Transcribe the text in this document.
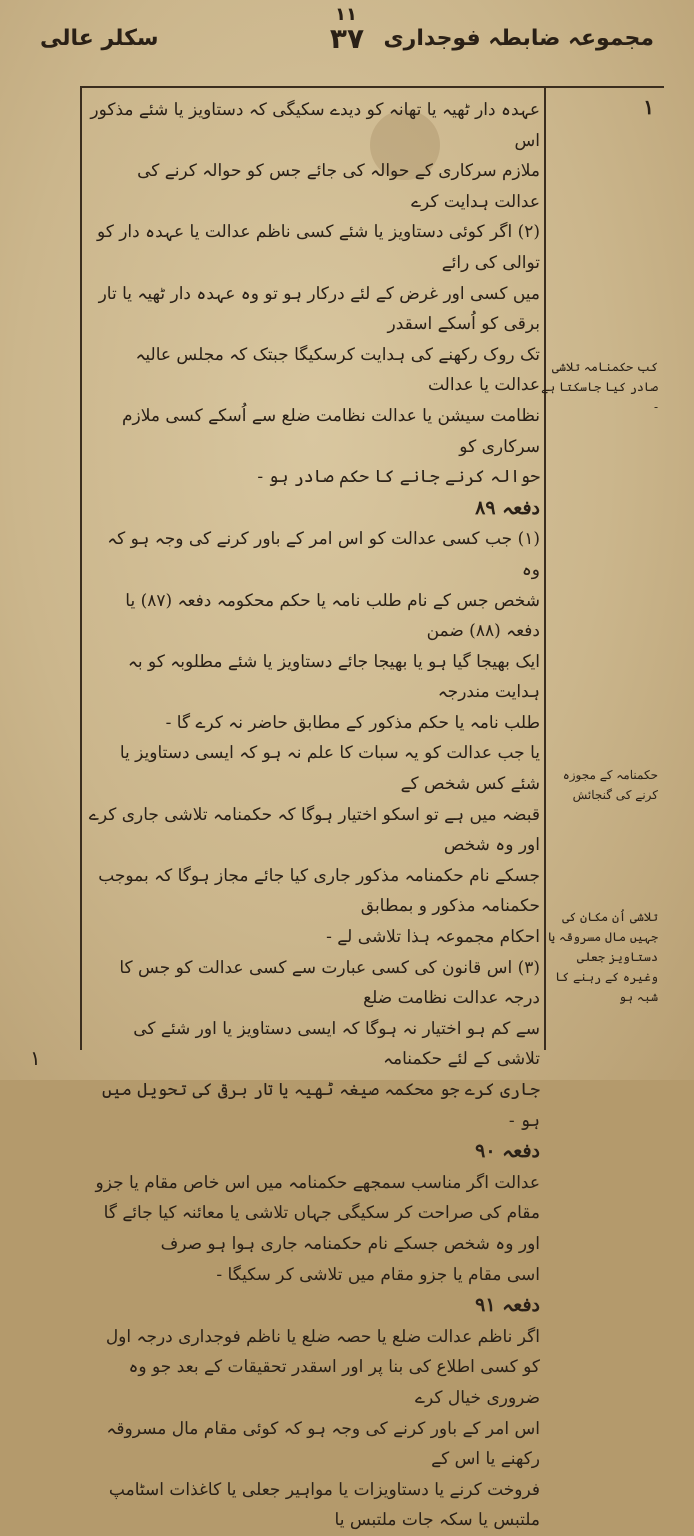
۱۱
مجموعہ ضابطہ فوجداری
۳۷
سکلر عالی
۱
کب حکمنامہ تلاشی صادر کیا جاسکتا ہے -
حکمنامہ کے مجوزہ کرنے کی گنجائش
تلاشی اُن مکان کی جہیں مال مسروقہ یا دستاویز جعلی وغیرہ کے رہنے کا شبہ ہو

عہدہ دار ٹھیہ یا تھانہ کو دیدے سکیگی کہ دستاویز یا شئے مذکور اس

ملازم سرکاری کے حوالہ کی جائے جس کو حوالہ کرنے کی عدالت ہدایت کرے

(۲) اگر کوئی دستاویز یا شئے کسی ناظم عدالت یا عہدہ دار کو توالی کی رائے

میں کسی اور غرض کے لئے درکار ہو تو وہ عہدہ دار ٹھیہ یا تار برقی کو اُسکے اسقدر

تک روک رکھنے کی ہدایت کرسکیگا جبتک کہ مجلس عالیہ عدالت یا عدالت

نظامت سیشن یا عدالت نظامت ضلع سے اُسکے کسی ملازم سرکاری کو

حوالہ کرنے جانے کا حکم صادر ہو -

دفعہ ۸۹

(۱) جب کسی عدالت کو اس امر کے باور کرنے کی وجہ ہو کہ وہ

شخص جس کے نام طلب نامہ یا حکم محکومہ دفعہ (۸۷) یا دفعہ (۸۸) ضمن

ایک بھیجا گیا ہو یا بھیجا جائے دستاویز یا شئے مطلوبہ کو بہ ہدایت مندرجہ

طلب نامہ یا حکم مذکور کے مطابق حاضر نہ کرے گا -

یا جب عدالت کو یہ سبات کا علم نہ ہو کہ ایسی دستاویز یا شئے کس شخص کے

قبضہ میں ہے تو اسکو اختیار ہوگا کہ حکمنامہ تلاشی جاری کرے اور وہ شخص

جسکے نام حکمنامہ مذکور جاری کیا جائے مجاز ہوگا کہ بموجب حکمنامہ مذکور و بمطابق

احکام مجموعہ ہذا تلاشی لے -

(۳) اس قانون کی کسی عبارت سے کسی عدالت کو جس کا درجہ عدالت نظامت ضلع

سے کم ہو اختیار نہ ہوگا کہ ایسی دستاویز یا اور شئے کی تلاشی کے لئے حکمنامہ

جاری کرے جو محکمہ صیغہ ٹھیہ یا تار برقی کی تحویل میں ہو -

دفعہ ۹۰

عدالت اگر مناسب سمجھے حکمنامہ میں اس خاص مقام یا جزو

مقام کی صراحت کر سکیگی جہاں تلاشی یا معائنہ کیا جائے گا اور وہ شخص جسکے نام حکمنامہ جاری ہوا ہو صرف

اسی مقام یا جزو مقام میں تلاشی کر سکیگا -

دفعہ ۹۱

اگر ناظم عدالت ضلع یا حصہ ضلع یا ناظم فوجداری درجہ اول

کو کسی اطلاع کی بنا پر اور اسقدر تحقیقات کے بعد جو وہ ضروری خیال کرے

اس امر کے باور کرنے کی وجہ ہو کہ کوئی مقام مال مسروقہ رکھنے یا اس کے

فروخت کرنے یا دستاویزات یا مواہیر جعلی یا کاغذات اسٹامپ ملتبس یا سکہ جات ملتبس یا

۱
